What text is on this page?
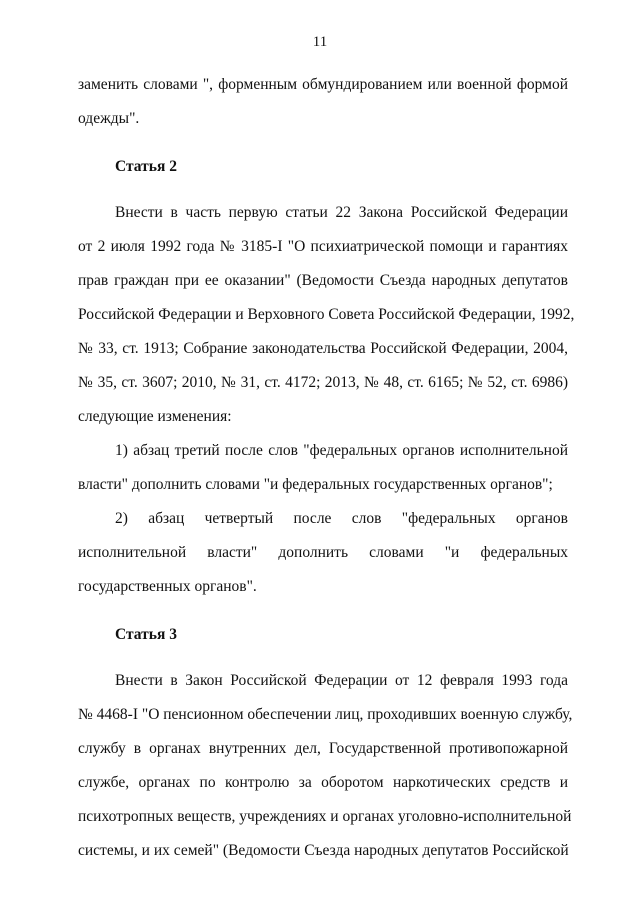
11
заменить словами ", форменным обмундированием или военной формой
одежды".
Статья 2
Внести в часть первую статьи 22 Закона Российской Федерации
от 2 июля 1992 года № 3185-I "О психиатрической помощи и гарантиях
прав граждан при ее оказании" (Ведомости Съезда народных депутатов
Российской Федерации и Верховного Совета Российской Федерации, 1992,
№ 33, ст. 1913; Собрание законодательства Российской Федерации, 2004,
№ 35, ст. 3607; 2010, № 31, ст. 4172; 2013, № 48, ст. 6165; № 52, ст. 6986)
следующие изменения:
1) абзац третий после слов "федеральных органов исполнительной
власти" дополнить словами "и федеральных государственных органов";
2) абзац четвертый после слов "федеральных органов
исполнительной власти" дополнить словами "и федеральных
государственных органов".
Статья 3
Внести в Закон Российской Федерации от 12 февраля 1993 года
№ 4468-I "О пенсионном обеспечении лиц, проходивших военную службу,
службу в органах внутренних дел, Государственной противопожарной
службе, органах по контролю за оборотом наркотических средств и
психотропных веществ, учреждениях и органах уголовно-исполнительной
системы, и их семей" (Ведомости Съезда народных депутатов Российской
